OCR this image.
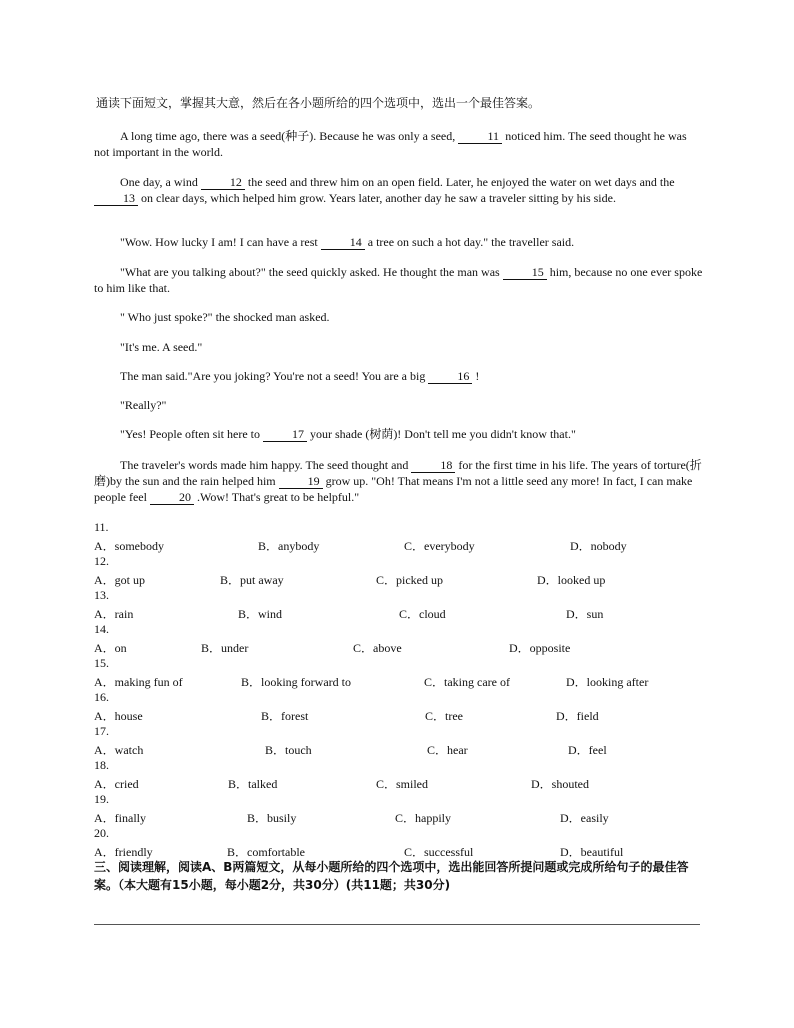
通读下面短文，掌握其大意，然后在各小题所给的四个选项中，选出一个最佳答案。
A long time ago, there was a seed(种子). Because he was only a seed,	11 noticed him. The seed thought he was not important in the world.
One day, a wind	12 the seed and threw him on an open field. Later, he enjoyed the water on wet days and the 13 on clear days, which helped him grow. Years later, another day he saw a traveler sitting by his side.
"Wow. How lucky I am! I can have a rest	14 a tree on such a hot day." the traveller said.
"What are you talking about?" the seed quickly asked. He thought the man was	15 him, because no one ever spoke to him like that.
" Who just spoke?" the shocked man asked.
"It's me. A seed."
The man said."Are you joking? You're not a seed! You are a big	16 !
"Really?"
"Yes! People often sit here to	17 your shade (树荫)! Don't tell me you didn't know that."
The traveler's words made him happy. The seed thought and	18 for the first time in his life. The years of torture(折磨)by the sun and the rain helped him	19 grow up. "Oh! That means I'm not a little seed any more! In fact, I can make people feel	20 .Wow! That's great to be helpful."
11.
A．somebody	B．anybody	C．everybody	D．nobody
12.
A．got up	B．put away	C．picked up	D．looked up
13.
A．rain	B．wind	C．cloud	D．sun
14.
A．on	B．under	C．above	D．opposite
15.
A．making fun of	B．looking forward to	C．taking care of	D．looking after
16.
A．house	B．forest	C．tree	D．field
17.
A．watch	B．touch	C．hear	D．feel
18.
A．cried	B．talked	C．smiled	D．shouted
19.
A．finally	B．busily	C．happily	D．easily
20.
A．friendly	B．comfortable	C．successful	D．beautiful
三、阅读理解，阅读A、B两篇短文，从每小题所给的四个选项中，选出能回答所提问题或完成所给句子的最佳答案。（本大题有15小题，每小题2分，共30分）(共11题；共30分)
